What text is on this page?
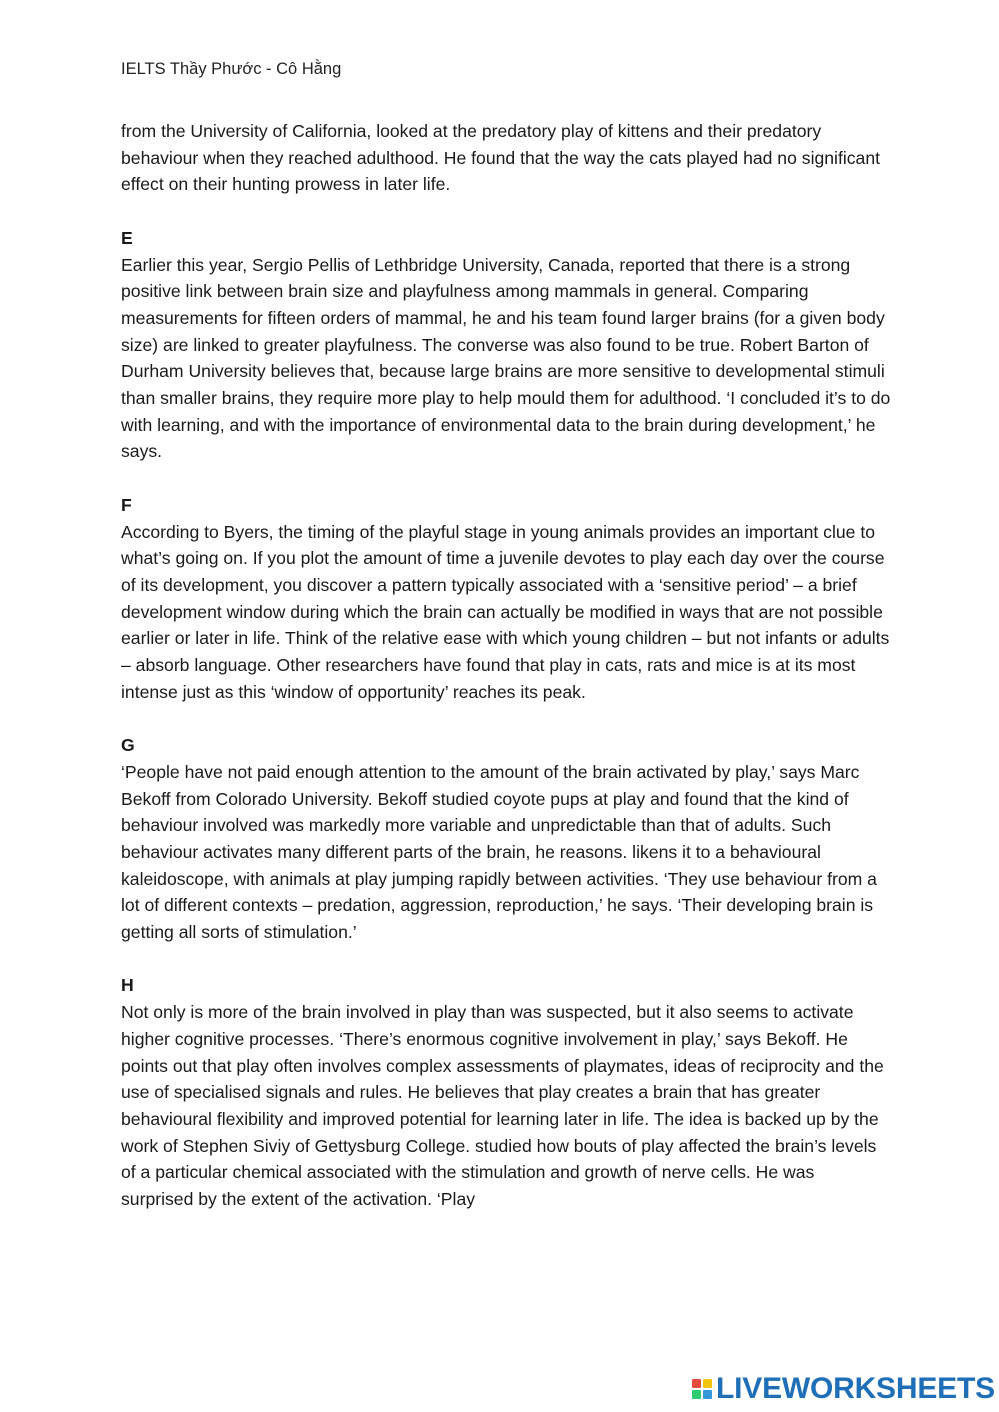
IELTS Thầy Phước - Cô Hằng

from the University of California, looked at the predatory play of kittens and their predatory behaviour when they reached adulthood. He found that the way the cats played had no significant effect on their hunting prowess in later life.

E
Earlier this year, Sergio Pellis of Lethbridge University, Canada, reported that there is a strong positive link between brain size and playfulness among mammals in general. Comparing measurements for fifteen orders of mammal, he and his team found larger brains (for a given body size) are linked to greater playfulness. The converse was also found to be true. Robert Barton of Durham University believes that, because large brains are more sensitive to developmental stimuli than smaller brains, they require more play to help mould them for adulthood. ‘I concluded it’s to do with learning, and with the importance of environmental data to the brain during development,’ he says.
F
According to Byers, the timing of the playful stage in young animals provides an important clue to what’s going on. If you plot the amount of time a juvenile devotes to play each day over the course of its development, you discover a pattern typically associated with a ‘sensitive period’ – a brief development window during which the brain can actually be modified in ways that are not possible earlier or later in life. Think of the relative ease with which young children – but not infants or adults – absorb language. Other researchers have found that play in cats, rats and mice is at its most intense just as this ‘window of opportunity’ reaches its peak.
G
‘People have not paid enough attention to the amount of the brain activated by play,’ says Marc Bekoff from Colorado University. Bekoff studied coyote pups at play and found that the kind of behaviour involved was markedly more variable and unpredictable than that of adults. Such behaviour activates many different parts of the brain, he reasons. likens it to a behavioural kaleidoscope, with animals at play jumping rapidly between activities. ‘They use behaviour from a lot of different contexts – predation, aggression, reproduction,’ he says. ‘Their developing brain is getting all sorts of stimulation.’
H
Not only is more of the brain involved in play than was suspected, but it also seems to activate higher cognitive processes. ‘There’s enormous cognitive involvement in play,’ says Bekoff. He points out that play often involves complex assessments of playmates, ideas of reciprocity and the use of specialised signals and rules. He believes that play creates a brain that has greater behavioural flexibility and improved potential for learning later in life. The idea is backed up by the work of Stephen Siviy of Gettysburg College. studied how bouts of play affected the brain’s levels of a particular chemical associated with the stimulation and growth of nerve cells. He was surprised by the extent of the activation. ‘Play
LIVEWORKSHEETS
